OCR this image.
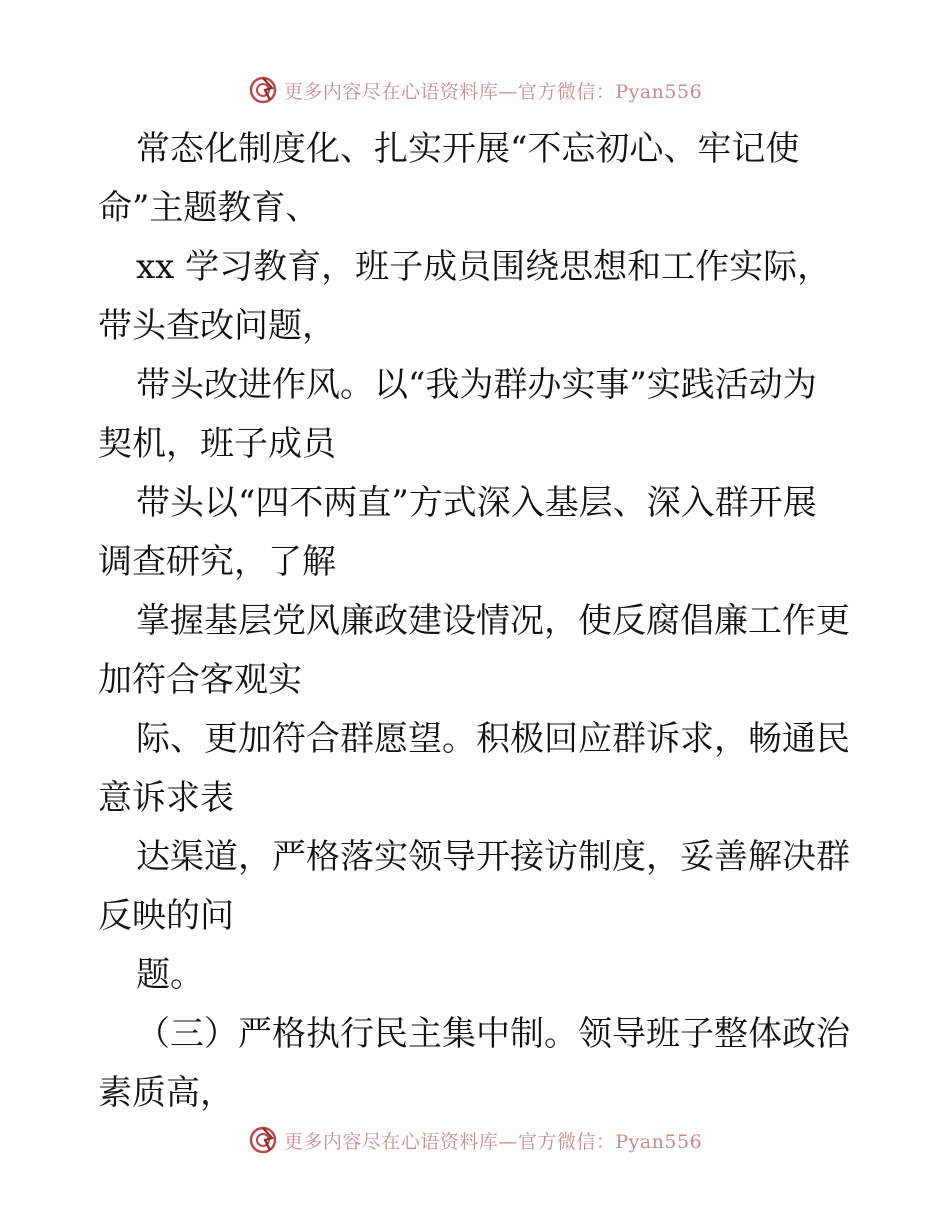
更多内容尽在心语资料库—官方微信：Pyan556

常态化制度化、扎实开展“不忘初心、牢记使
命”主题教育、
xx 学习教育，班子成员围绕思想和工作实际，
带头查改问题，
带头改进作风。以“我为群办实事”实践活动为
契机，班子成员
带头以“四不两直”方式深入基层、深入群开展
调查研究，了解
掌握基层党风廉政建设情况，使反腐倡廉工作更
加符合客观实
际、更加符合群愿望。积极回应群诉求，畅通民
意诉求表
达渠道，严格落实领导开接访制度，妥善解决群
反映的问
题。
（三）严格执行民主集中制。领导班子整体政治
素质高，

更多内容尽在心语资料库—官方微信：Pyan556
